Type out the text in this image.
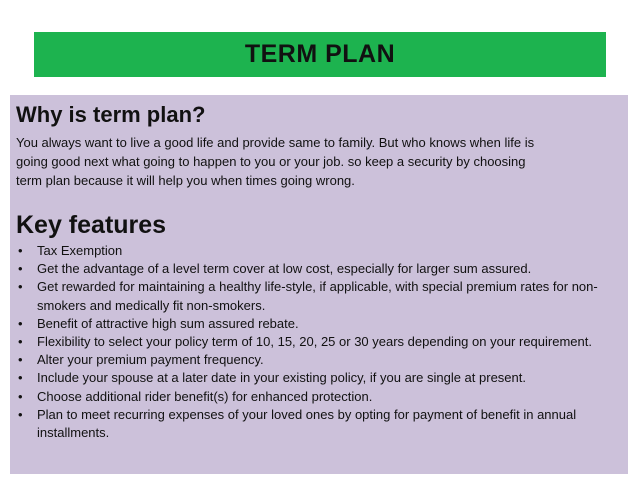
TERM PLAN
Why is term plan?

You always want to live a good life and provide same to family. But who knows when life is
going good next what going to happen to you or your job. so keep a security by choosing
term plan because it will help you when times going wrong.

Key features
• Tax Exemption
• Get the advantage of a level term cover at low cost, especially for larger sum assured.
• Get rewarded for maintaining a healthy life-style, if applicable, with special premium rates for non-smokers and medically fit non-smokers.
• Benefit of attractive high sum assured rebate.
• Flexibility to select your policy term of 10, 15, 20, 25 or 30 years depending on your requirement.
• Alter your premium payment frequency.
• Include your spouse at a later date in your existing policy, if you are single at present.
• Choose additional rider benefit(s) for enhanced protection.
• Plan to meet recurring expenses of your loved ones by opting for payment of benefit in annual installments.
